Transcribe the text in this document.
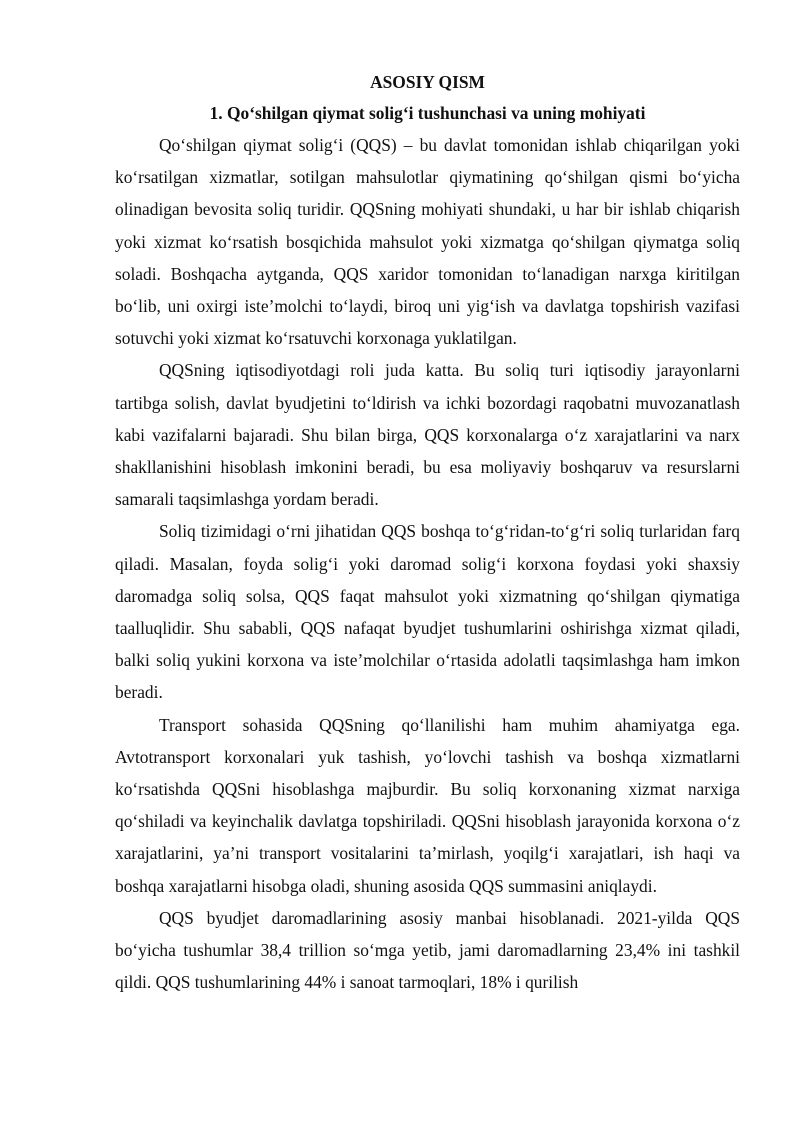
ASOSIY QISM
1. Qo‘shilgan qiymat solig‘i tushunchasi va uning mohiyati

Qo‘shilgan qiymat solig‘i (QQS) – bu davlat tomonidan ishlab chiqarilgan yoki ko‘rsatilgan xizmatlar, sotilgan mahsulotlar qiymatining qo‘shilgan qismi bo‘yicha olinadigan bevosita soliq turidir. QQSning mohiyati shundaki, u har bir ishlab chiqarish yoki xizmat ko‘rsatish bosqichida mahsulot yoki xizmatga qo‘shilgan qiymatga soliq soladi. Boshqacha aytganda, QQS xaridor tomonidan to‘lanadigan narxga kiritilgan bo‘lib, uni oxirgi iste’molchi to‘laydi, biroq uni yig‘ish va davlatga topshirish vazifasi sotuvchi yoki xizmat ko‘rsatuvchi korxonaga yuklatilgan.

QQSning iqtisodiyotdagi roli juda katta. Bu soliq turi iqtisodiy jarayonlarni tartibga solish, davlat byudjetini to‘ldirish va ichki bozordagi raqobatni muvozanatlash kabi vazifalarni bajaradi. Shu bilan birga, QQS korxonalarga o‘z xarajatlarini va narx shakllanishini hisoblash imkonini beradi, bu esa moliyaviy boshqaruv va resurslarni samarali taqsimlashga yordam beradi.

Soliq tizimidagi o‘rni jihatidan QQS boshqa to‘g‘ridan-to‘g‘ri soliq turlaridan farq qiladi. Masalan, foyda solig‘i yoki daromad solig‘i korxona foydasi yoki shaxsiy daromadga soliq solsa, QQS faqat mahsulot yoki xizmatning qo‘shilgan qiymatiga taalluqlidir. Shu sababli, QQS nafaqat byudjet tushumlarini oshirishga xizmat qiladi, balki soliq yukini korxona va iste’molchilar o‘rtasida adolatli taqsimlashga ham imkon beradi.

Transport sohasida QQSning qo‘llanilishi ham muhim ahamiyatga ega. Avtotransport korxonalari yuk tashish, yo‘lovchi tashish va boshqa xizmatlarni ko‘rsatishda QQSni hisoblashga majburdir. Bu soliq korxonaning xizmat narxiga qo‘shiladi va keyinchalik davlatga topshiriladi. QQSni hisoblash jarayonida korxona o‘z xarajatlarini, ya’ni transport vositalarini ta’mirlash, yoqilg‘i xarajatlari, ish haqi va boshqa xarajatlarni hisobga oladi, shuning asosida QQS summasini aniqlaydi.

QQS byudjet daromadlarining asosiy manbai hisoblanadi. 2021-yilda QQS bo‘yicha tushumlar 38,4 trillion so‘mga yetib, jami daromadlarning 23,4% ini tashkil qildi. QQS tushumlarining 44% i sanoat tarmoqlari, 18% i qurilish
